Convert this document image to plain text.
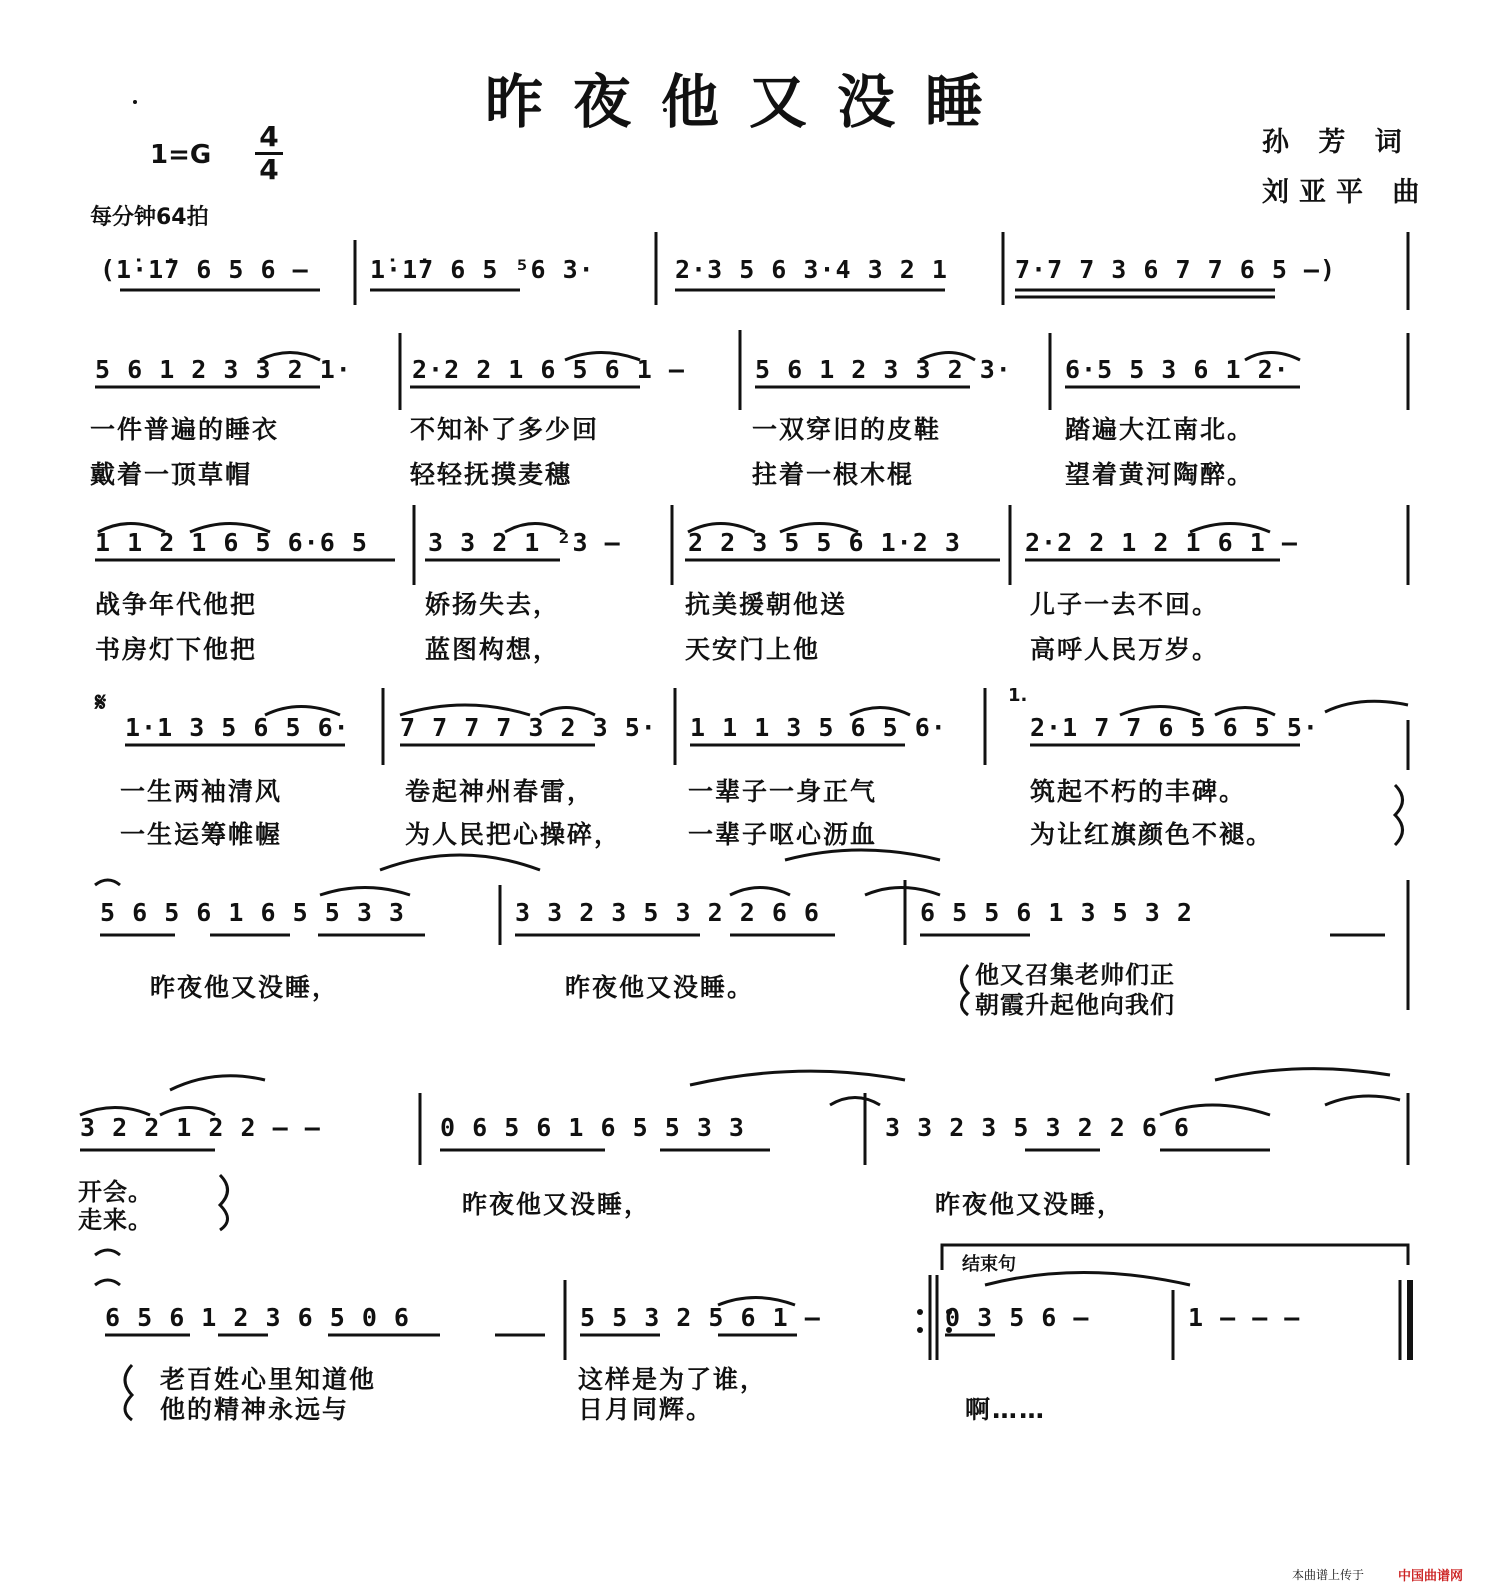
昨夜他又没睡
孙 芳 词
刘亚平 曲
1=G
4
4
每分钟64拍
(1̇·1̇7 6 5 6 — 1̇·1̇7 6 5 ⁵6 3·	2·3 5 6 3·4 3 2 1	7·7 7 3 6 7 7 6 5 —)
5 6 1 2 3 3 2 1· 2·2 2 1 6 5 6 1 —	5 6 1 2 3 3 2 3· 6·5 5 3 6 1 2·
一件普遍的睡衣	不知补了多少回	一双穿旧的皮鞋	踏遍大江南北。
戴着一顶草帽	轻轻抚摸麦穗	拄着一根木棍	望着黄河陶醉。
1 1 2 1 6 5 6·6 5 3 3 2 1 ²3 —	2 2 3 5 5 6 1·2 3	2·2 2 1 2 1 6 1 —
战争年代他把	娇扬失去，	抗美援朝他送	儿子一去不回。
书房灯下他把	蓝图构想，	天安门上他	高呼人民万岁。
𝄋	1.
1·1 3 5 6 5 6· 7 7 7 7 3 2 3 5· 1 1 1 3 5 6 5 6·	2·1 7 7 6 5 6 5 5·
一生两袖清风	卷起神州春雷，	一辈子一身正气	筑起不朽的丰碑。
一生运筹帷幄	为人民把心操碎，	一辈子呕心沥血	为让红旗颜色不褪。
5 6 5 6 1 6 5 5 3 3	3 3 2 3 5 3 2 2 6 6	6 5 5 6 1 3 5 3 2
昨夜他又没睡，	昨夜他又没睡。	他又召集老帅们正
朝霞升起他向我们
3 2 2 1 2 2 — —	0 6 5 6 1 6 5 5 3 3	3 3 2 3 5 3 2 2 6 6
开会。
走来。
昨夜他又没睡，	昨夜他又没睡，
结束句
6 5 6 1 2 3 6 5 0 6	5 5 3 2 5 6 1 —	0 3 5 6 —	1 — — —
老百姓心里知道他	这样是为了谁，
他的精神永远与	日月同辉。	啊……
本曲谱上传于	中国曲谱网
